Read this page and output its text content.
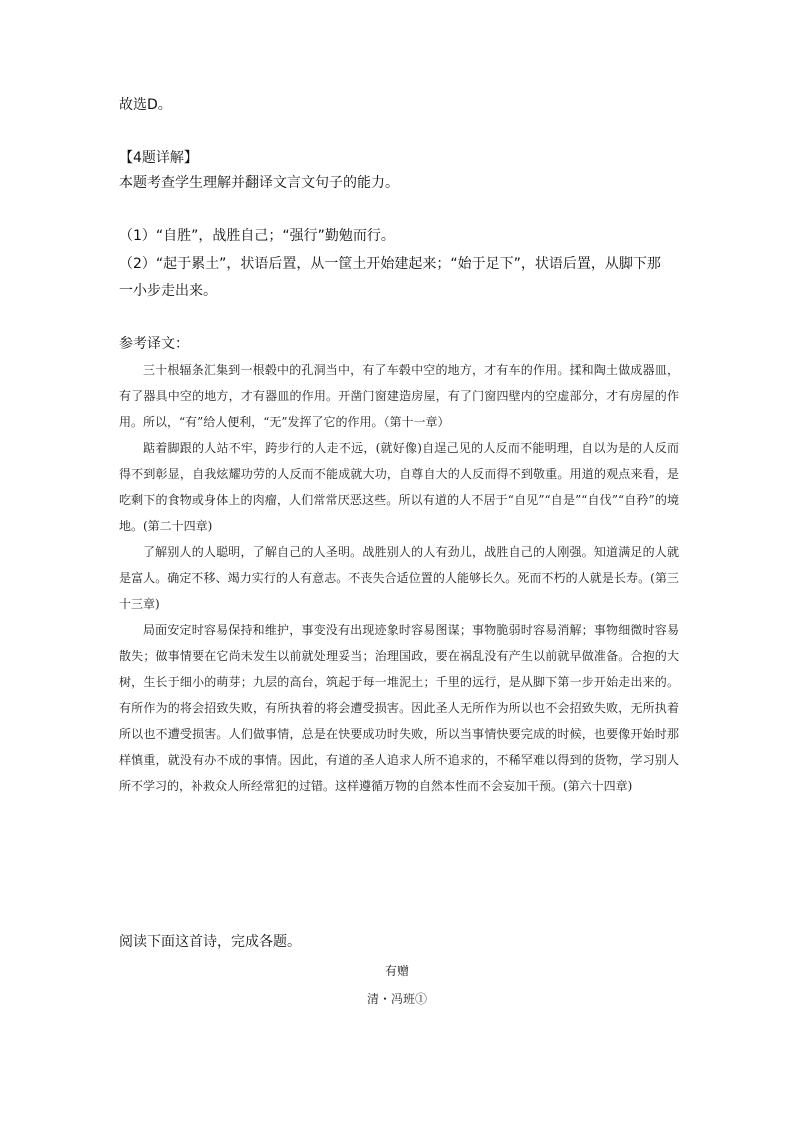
故选D。
【4题详解】
本题考查学生理解并翻译文言文句子的能力。
（1）“自胜”，战胜自己；“强行”勤勉而行。
（2）“起于累土”，状语后置，从一筐土开始建起来；“始于足下”，状语后置，从脚下那
一小步走出来。
参考译文：

三十根辐条汇集到一根毂中的孔洞当中，有了车毂中空的地方，才有车的作用。揉和陶土做成器皿，有了器具中空的地方，才有器皿的作用。开凿门窗建造房屋，有了门窗四壁内的空虚部分，才有房屋的作用。所以，“有”给人便利，“无”发挥了它的作用。（第十一章）

踮着脚跟的人站不牢，跨步行的人走不远，(就好像)自逞己见的人反而不能明理，自以为是的人反而得不到彰显，自我炫耀功劳的人反而不能成就大功，自尊自大的人反而得不到敬重。用道的观点来看，是吃剩下的食物或身体上的肉瘤，人们常常厌恶这些。所以有道的人不居于“自见”“自是”“自伐”“自矜”的境地。(第二十四章)

了解别人的人聪明，了解自己的人圣明。战胜别人的人有劲儿，战胜自己的人刚强。知道满足的人就是富人。确定不移、竭力实行的人有意志。不丧失合适位置的人能够长久。死而不朽的人就是长寿。(第三十三章)

局面安定时容易保持和维护，事变没有出现迹象时容易图谋；事物脆弱时容易消解；事物细微时容易散失；做事情要在它尚未发生以前就处理妥当；治理国政，要在祸乱没有产生以前就早做准备。合抱的大树，生长于细小的萌芽；九层的高台，筑起于每一堆泥土；千里的远行，是从脚下第一步开始走出来的。有所作为的将会招致失败，有所执着的将会遭受损害。因此圣人无所作为所以也不会招致失败，无所执着所以也不遭受损害。人们做事情，总是在快要成功时失败，所以当事情快要完成的时候，也要像开始时那样慎重，就没有办不成的事情。因此，有道的圣人追求人所不追求的，不稀罕难以得到的货物，学习别人所不学习的，补救众人所经常犯的过错。这样遵循万物的自然本性而不会妄加干预。(第六十四章)

阅读下面这首诗，完成各题。
有赠
清・冯班①
